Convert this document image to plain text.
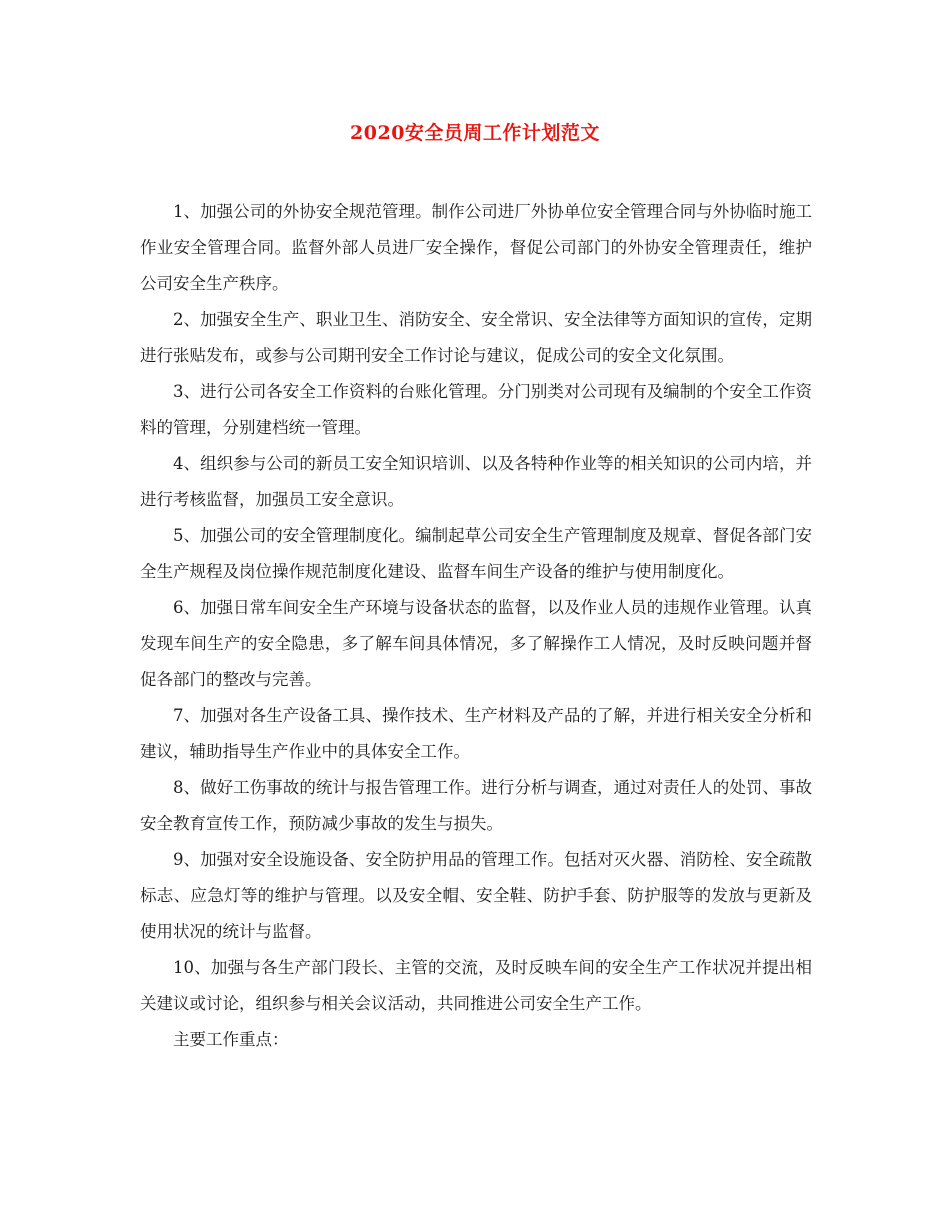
2020安全员周工作计划范文

1、加强公司的外协安全规范管理。制作公司进厂外协单位安全管理合同与外协临时施工作业安全管理合同。监督外部人员进厂安全操作，督促公司部门的外协安全管理责任，维护公司安全生产秩序。

2、加强安全生产、职业卫生、消防安全、安全常识、安全法律等方面知识的宣传，定期进行张贴发布，或参与公司期刊安全工作讨论与建议，促成公司的安全文化氛围。

3、进行公司各安全工作资料的台账化管理。分门别类对公司现有及编制的个安全工作资料的管理，分别建档统一管理。

4、组织参与公司的新员工安全知识培训、以及各特种作业等的相关知识的公司内培，并进行考核监督，加强员工安全意识。

5、加强公司的安全管理制度化。编制起草公司安全生产管理制度及规章、督促各部门安全生产规程及岗位操作规范制度化建设、监督车间生产设备的维护与使用制度化。

6、加强日常车间安全生产环境与设备状态的监督，以及作业人员的违规作业管理。认真发现车间生产的安全隐患，多了解车间具体情况，多了解操作工人情况，及时反映问题并督促各部门的整改与完善。

7、加强对各生产设备工具、操作技术、生产材料及产品的了解，并进行相关安全分析和建议，辅助指导生产作业中的具体安全工作。

8、做好工伤事故的统计与报告管理工作。进行分析与调查，通过对责任人的处罚、事故安全教育宣传工作，预防减少事故的发生与损失。

9、加强对安全设施设备、安全防护用品的管理工作。包括对灭火器、消防栓、安全疏散标志、应急灯等的维护与管理。以及安全帽、安全鞋、防护手套、防护服等的发放与更新及使用状况的统计与监督。

10、加强与各生产部门段长、主管的交流，及时反映车间的安全生产工作状况并提出相关建议或讨论，组织参与相关会议活动，共同推进公司安全生产工作。

主要工作重点：
